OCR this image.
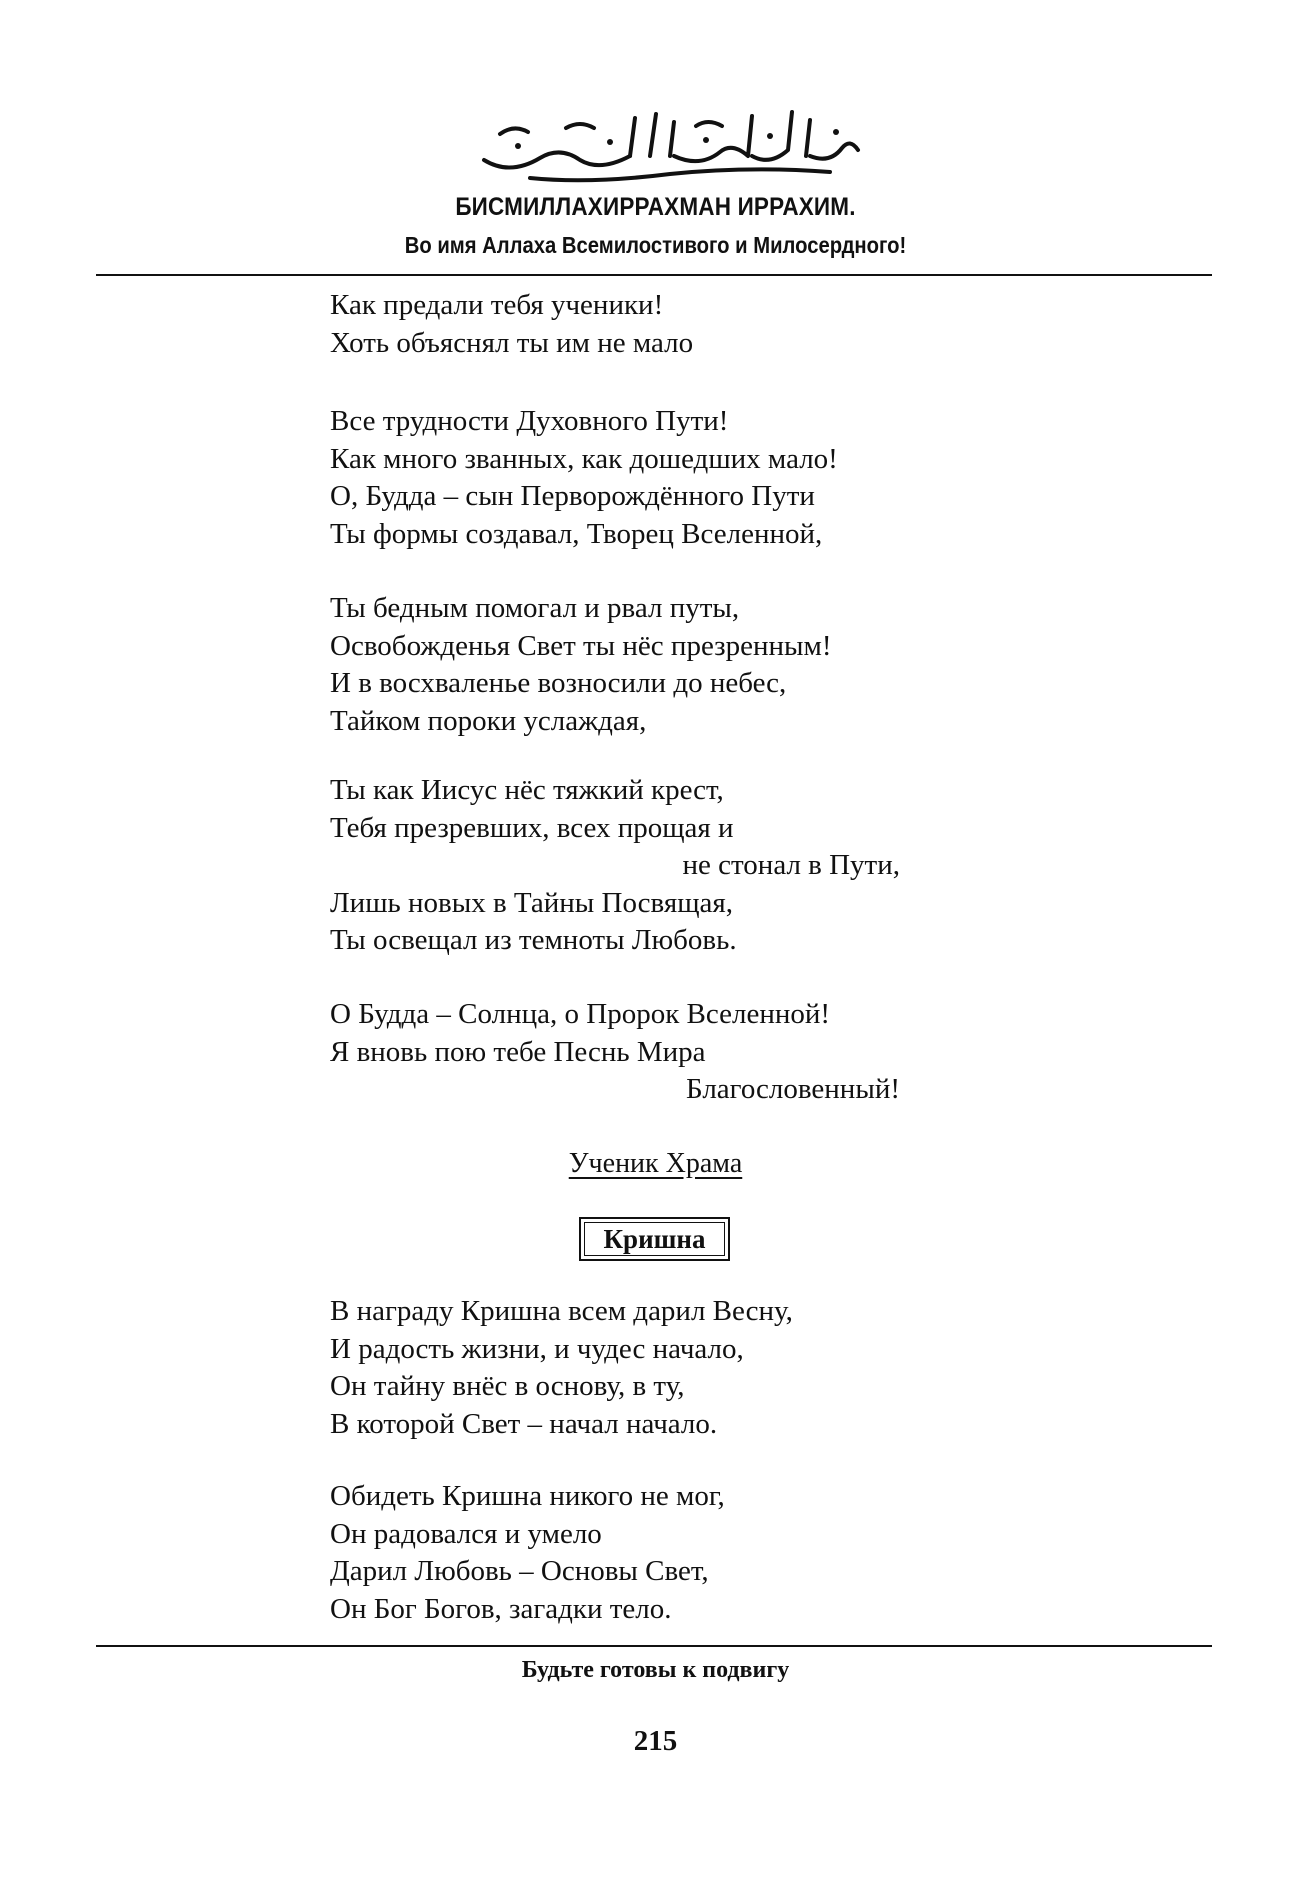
بسم الله الرحمن الرحيم
БИСМИЛЛАХИРРАХМАН ИРРАХИМ.
Во имя Аллаха Всемилостивого и Милосердного!
Как предали тебя ученики!
Хоть объяснял ты им не мало
Все трудности Духовного Пути!
Как много званных, как дошедших мало!
О, Будда – сын Перворождённого Пути
Ты формы создавал, Творец Вселенной,
Ты бедным помогал и рвал путы,
Освобожденья Свет ты нёс презренным!
И в восхваленье возносили до небес,
Тайком пороки услаждая,
Ты как Иисус нёс тяжкий крест,
Тебя презревших, всех прощая и
не стонал в Пути,
Лишь новых в Тайны Посвящая,
Ты освещал из темноты Любовь.
О Будда – Солнца, о Пророк Вселенной!
Я вновь пою тебе Песнь Мира
Благословенный!
Ученик Храма
Кришна
В награду Кришна всем дарил Весну,
И радость жизни, и чудес начало,
Он тайну внёс в основу, в ту,
В которой Свет – начал начало.
Обидеть Кришна никого не мог,
Он радовался и умело
Дарил Любовь – Основы Свет,
Он Бог Богов, загадки тело.
Будьте готовы к подвигу
215
